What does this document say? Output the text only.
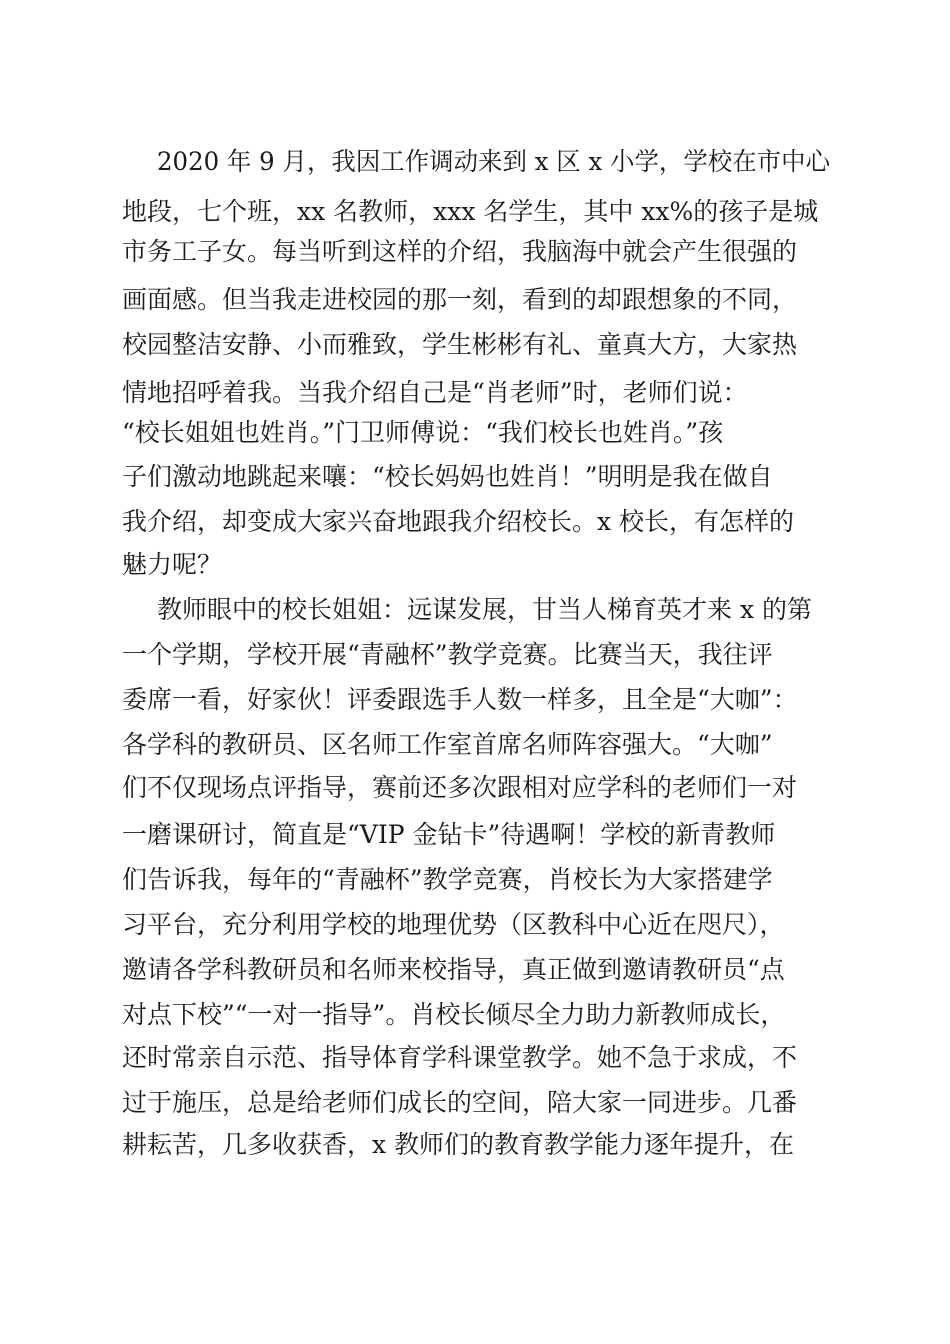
2020 年 9 月，我因工作调动来到 x 区 x 小学，学校在市中心
地段，七个班，xx 名教师，xxx 名学生，其中 xx%的孩子是城
市务工子女。每当听到这样的介绍，我脑海中就会产生很强的
画面感。但当我走进校园的那一刻，看到的却跟想象的不同，
校园整洁安静、小而雅致，学生彬彬有礼、童真大方，大家热
情地招呼着我。当我介绍自己是“肖老师”时，老师们说：
“校长姐姐也姓肖。”门卫师傅说：“我们校长也姓肖。”孩
子们激动地跳起来嚷：“校长妈妈也姓肖！”明明是我在做自
我介绍，却变成大家兴奋地跟我介绍校长。x 校长，有怎样的
魅力呢？
教师眼中的校长姐姐：远谋发展，甘当人梯育英才来 x 的第
一个学期，学校开展“青融杯”教学竞赛。比赛当天，我往评
委席一看，好家伙！评委跟选手人数一样多，且全是“大咖”：
各学科的教研员、区名师工作室首席名师阵容强大。“大咖”
们不仅现场点评指导，赛前还多次跟相对应学科的老师们一对
一磨课研讨，简直是“VIP 金钻卡”待遇啊！学校的新青教师
们告诉我，每年的“青融杯”教学竞赛，肖校长为大家搭建学
习平台，充分利用学校的地理优势（区教科中心近在咫尺），
邀请各学科教研员和名师来校指导，真正做到邀请教研员“点
对点下校”“一对一指导”。肖校长倾尽全力助力新教师成长，
还时常亲自示范、指导体育学科课堂教学。她不急于求成，不
过于施压，总是给老师们成长的空间，陪大家一同进步。几番
耕耘苦，几多收获香，x 教师们的教育教学能力逐年提升，在
